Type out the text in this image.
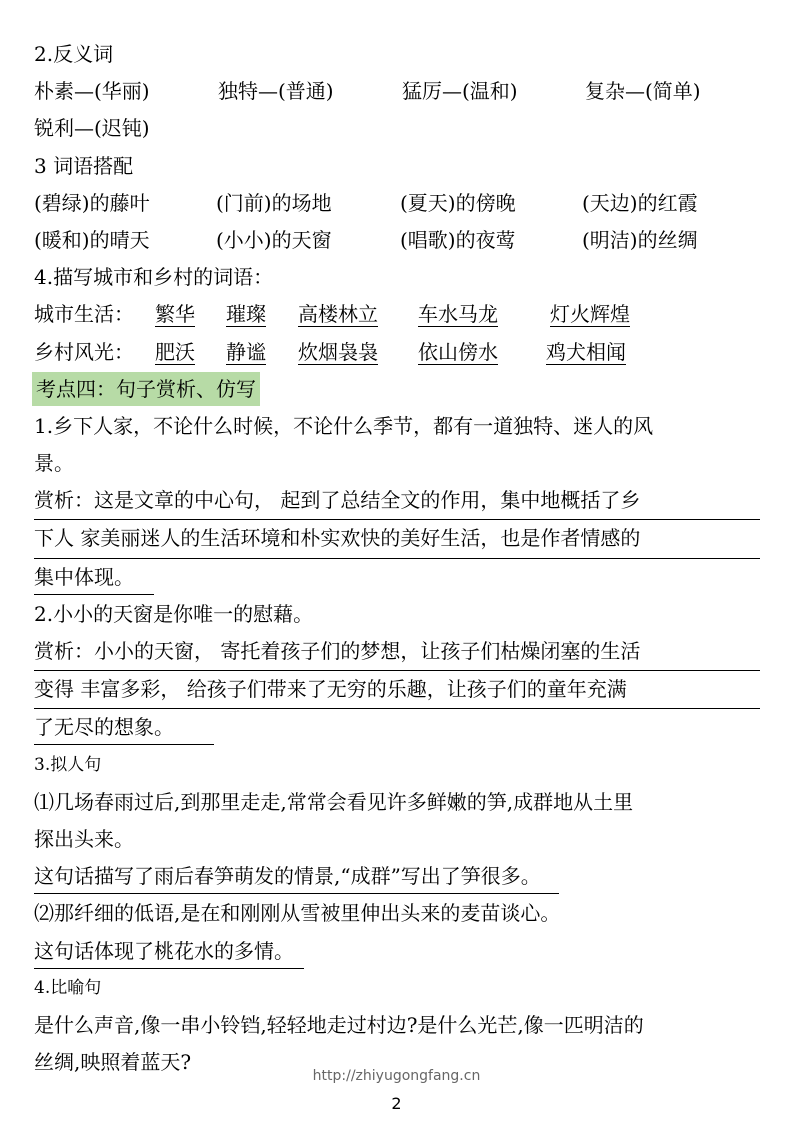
2.反义词
朴素—(华丽)	独特—(普通)	猛厉—(温和)	复杂—(简单)
锐利—(迟钝)
3 词语搭配
(碧绿)的藤叶	(门前)的场地	(夏天)的傍晚	(天边)的红霞
(暖和)的晴天	(小小)的天窗	(唱歌)的夜莺	(明洁)的丝绸
4.描写城市和乡村的词语：
城市生活： 繁华 璀璨 高楼林立 车水马龙	灯火辉煌
乡村风光： 肥沃 静谧 炊烟袅袅 依山傍水 鸡犬相闻
考点四：句子赏析、仿写
1.乡下人家，不论什么时候，不论什么季节，都有一道独特、迷人的风
景。
赏析：这是文章的中心句， 起到了总结全文的作用，集中地概括了乡
下人 家美丽迷人的生活环境和朴实欢快的美好生活，也是作者情感的
集中体现。
2.小小的天窗是你唯一的慰藉。
赏析：小小的天窗， 寄托着孩子们的梦想，让孩子们枯燥闭塞的生活
变得 丰富多彩， 给孩子们带来了无穷的乐趣，让孩子们的童年充满
了无尽的想象。
3.拟人句
⑴几场春雨过后,到那里走走,常常会看见许多鲜嫩的笋,成群地从土里
探出头来。
这句话描写了雨后春笋萌发的情景,“成群”写出了笋很多。
⑵那纤细的低语,是在和刚刚从雪被里伸出头来的麦苗谈心。
这句话体现了桃花水的多情。
4.比喻句
是什么声音,像一串小铃铛,轻轻地走过村边?是什么光芒,像一匹明洁的
丝绸,映照着蓝天?
http://zhiyugongfang.cn
2
